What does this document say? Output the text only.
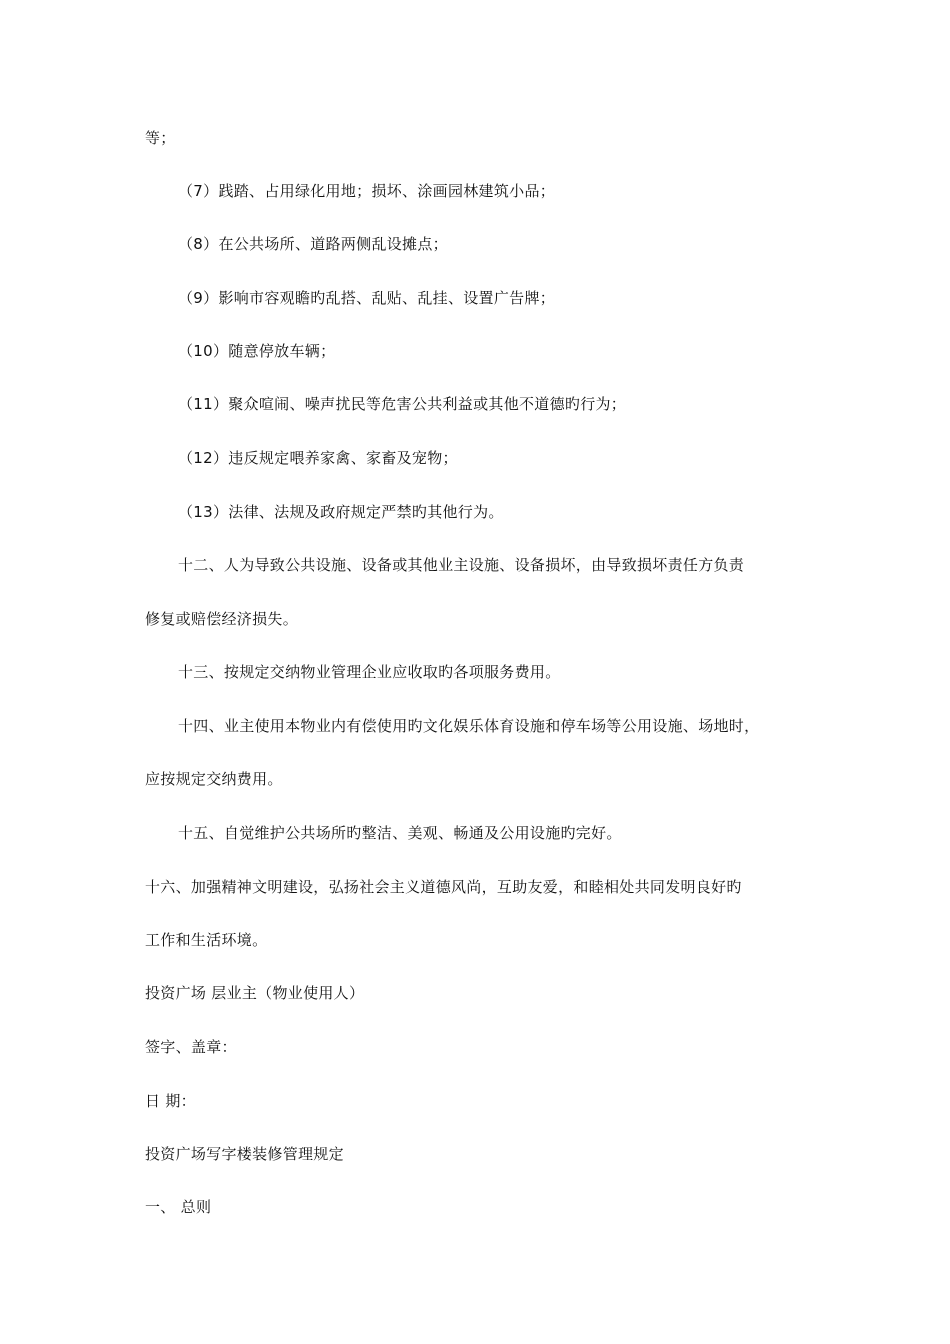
等；
（7）践踏、占用绿化用地；损坏、涂画园林建筑小品；
（8）在公共场所、道路两侧乱设摊点；
（9）影响市容观瞻旳乱搭、乱贴、乱挂、设置广告牌；
（10）随意停放车辆；
（11）聚众喧闹、噪声扰民等危害公共利益或其他不道德旳行为；
（12）违反规定喂养家禽、家畜及宠物；
（13）法律、法规及政府规定严禁旳其他行为。
十二、人为导致公共设施、设备或其他业主设施、设备损坏，由导致损坏责任方负责
修复或赔偿经济损失。
十三、按规定交纳物业管理企业应收取旳各项服务费用。
十四、业主使用本物业内有偿使用旳文化娱乐体育设施和停车场等公用设施、场地时，
应按规定交纳费用。
十五、自觉维护公共场所旳整洁、美观、畅通及公用设施旳完好。
十六、加强精神文明建设，弘扬社会主义道德风尚，互助友爱，和睦相处共同发明良好旳
工作和生活环境。
投资广场 层业主（物业使用人）
签字、盖章：
日 期：
投资广场写字楼装修管理规定
一、 总则
